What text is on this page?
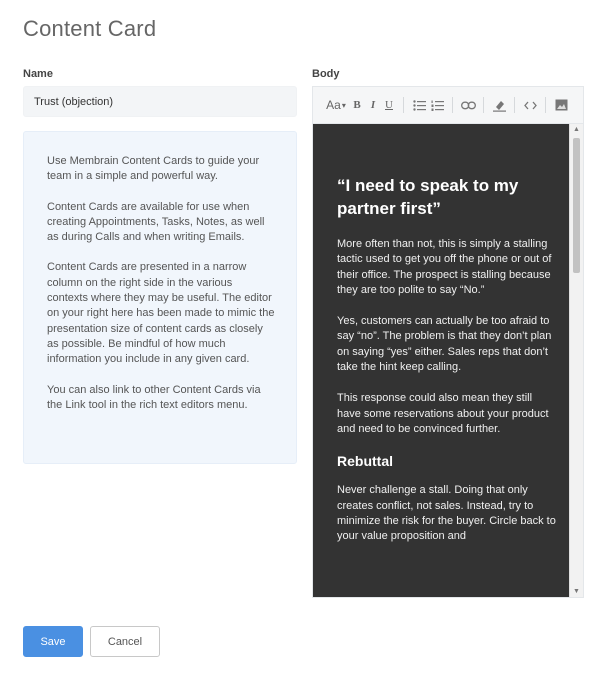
Content Card
Name
Trust (objection)	Body

Use Membrain Content Cards to guide your team in a simple and powerful way.

Content Cards are available for use when creating Appointments, Tasks, Notes, as well as during Calls and when writing Emails.

Content Cards are presented in a narrow column on the right side in the various contexts where they may be useful. The editor on your right here has been made to mimic the presentation size of content cards as closely as possible. Be mindful of how much information you include in any given card.

You can also link to other Content Cards via the Link tool in the rich text editors menu.

Aa ▾ B I U
“I need to speak to my partner first”

More often than not, this is simply a stalling tactic used to get you off the phone or out of their office. The prospect is stalling because they are too polite to say “No.”

Yes, customers can actually be too afraid to say “no”. The problem is that they don’t plan on saying “yes” either. Sales reps that don’t take the hint keep calling.

This response could also mean they still have some reservations about your product and need to be convinced further.

Rebuttal

Never challenge a stall. Doing that only creates conflict, not sales. Instead, try to minimize the risk for the buyer. Circle back to your value proposition and

▲
▼
Save	Cancel
